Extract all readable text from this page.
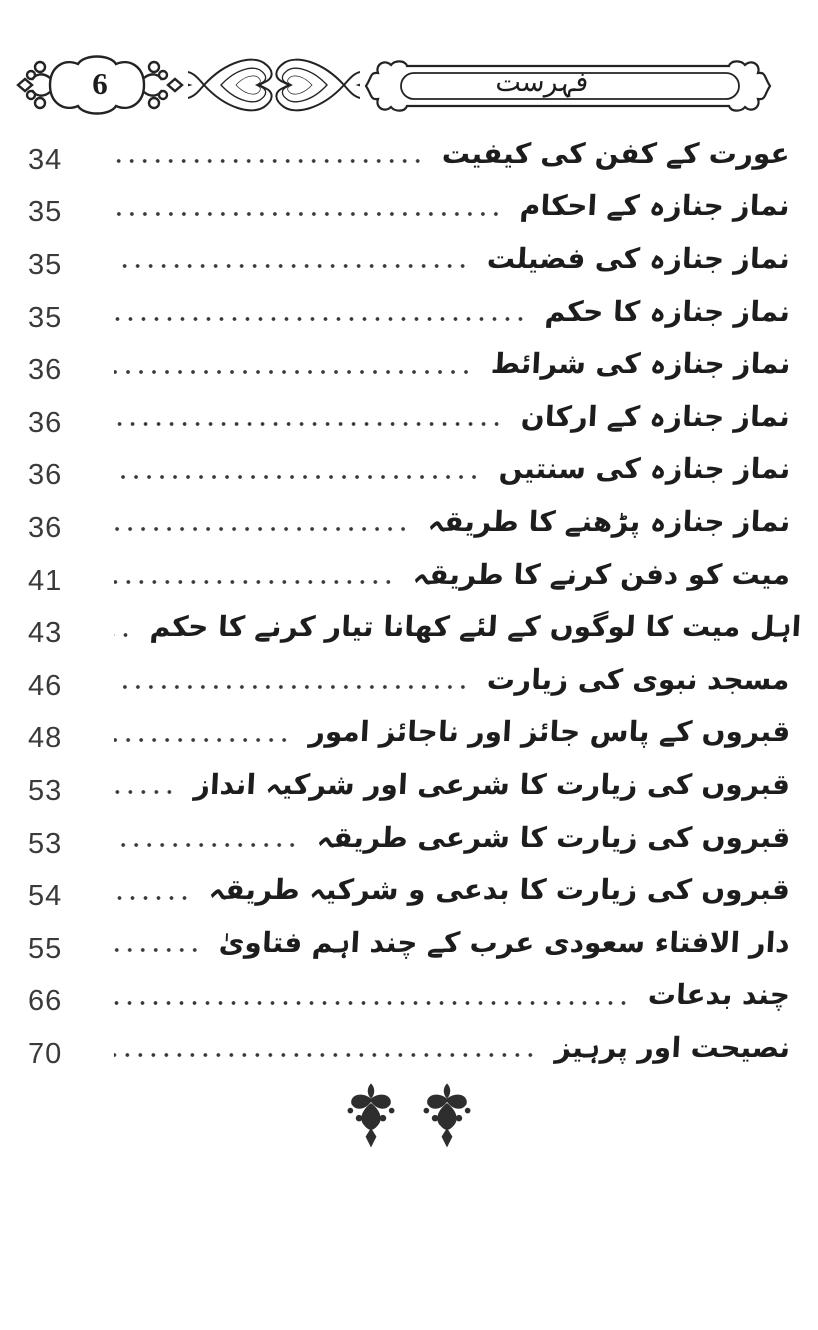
6	فہرست
34	عورت کے کفن کی کیفیت
35	نماز جنازہ کے احکام
35	نماز جنازہ کی فضیلت
35	نماز جنازہ کا حکم
36	نماز جنازہ کی شرائط
36	نماز جنازہ کے ارکان
36	نماز جنازہ کی سنتیں
36	نماز جنازہ پڑھنے کا طریقہ
41	میت کو دفن کرنے کا طریقہ
43	اہل میت کا لوگوں کے لئے کھانا تیار کرنے کا حکم
46	مسجد نبوی کی زیارت
48	قبروں کے پاس جائز اور ناجائز امور
53	قبروں کی زیارت کا شرعی اور شرکیہ انداز
53	قبروں کی زیارت کا شرعی طریقہ
54	قبروں کی زیارت کا بدعی و شرکیہ طریقہ
55	دار الافتاء سعودی عرب کے چند اہم فتاویٰ
66	چند بدعات
70	نصیحت اور پرہیز
